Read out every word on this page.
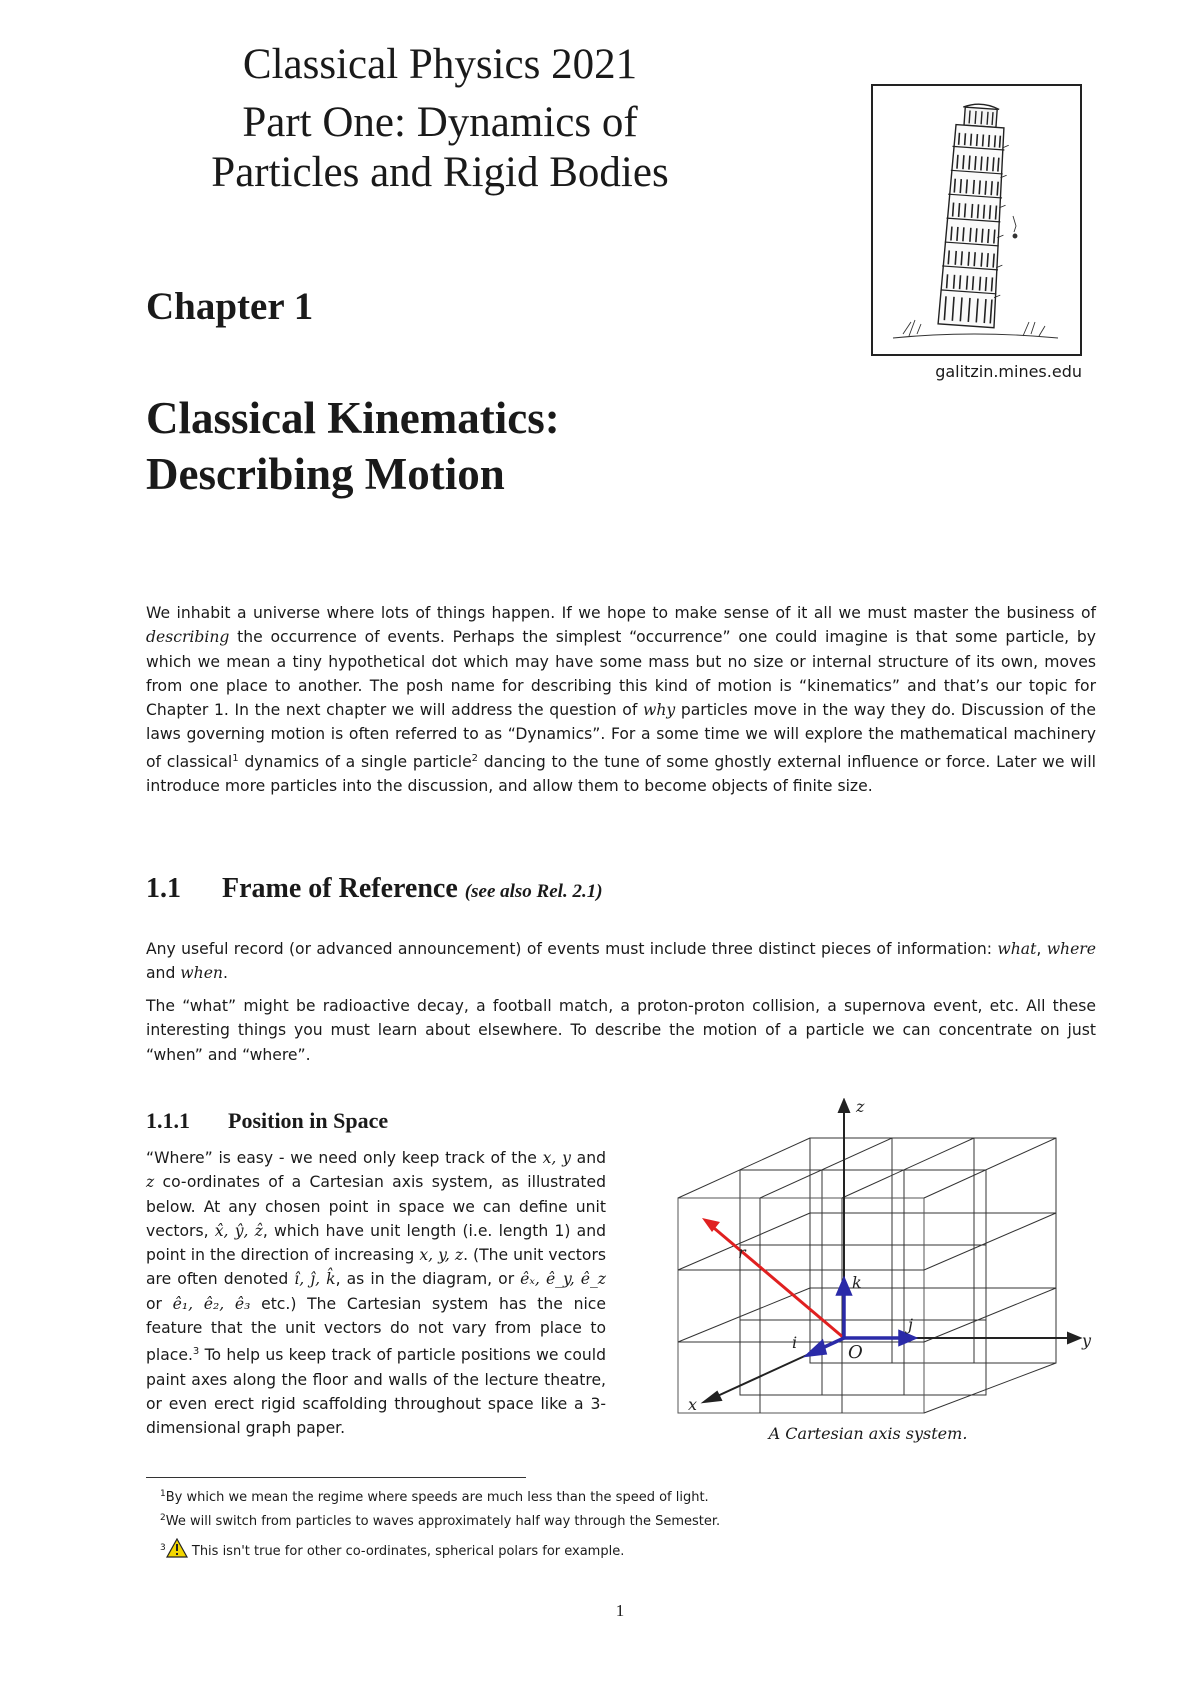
Classical Physics 2021
Part One: Dynamics of
Particles and Rigid Bodies
galitzin.mines.edu
Chapter 1
Classical Kinematics:
Describing Motion
We inhabit a universe where lots of things happen. If we hope to make sense of it all we must master the business of describing the occurrence of events. Perhaps the simplest “occurrence” one could imagine is that some particle, by which we mean a tiny hypothetical dot which may have some mass but no size or internal structure of its own, moves from one place to another. The posh name for describing this kind of motion is “kinematics” and that’s our topic for Chapter 1. In the next chapter we will address the question of why particles move in the way they do. Discussion of the laws governing motion is often referred to as “Dynamics”. For a some time we will explore the mathematical machinery of classical$^1$ dynamics of a single particle$^2$ dancing to the tune of some ghostly external influence or force. Later we will introduce more particles into the discussion, and allow them to become objects of finite size.
1.1 Frame of Reference (see also Rel. 2.1)
Any useful record (or advanced announcement) of events must include three distinct pieces of information: what, where and when.
The “what” might be radioactive decay, a football match, a proton-proton collision, a supernova event, etc. All these interesting things you must learn about elsewhere. To describe the motion of a particle we can concentrate on just “when” and “where”.
1.1.1 Position in Space
“Where” is easy - we need only keep track of the x, y and z co-ordinates of a Cartesian axis system, as illustrated below. At any chosen point in space we can define unit vectors, x̂, ŷ, ẑ, which have unit length (i.e. length 1) and point in the direction of increasing x, y, z. (The unit vectors are often denoted î, ĵ, k̂, as in the diagram, or êₓ, ê_y, ê_z or ê₁, ê₂, ê₃ etc.) The Cartesian system has the nice feature that the unit vectors do not vary from place to place.$^3$ To help us keep track of particle positions we could paint axes along the floor and walls of the lecture theatre, or even erect rigid scaffolding throughout space like a 3-dimensional graph paper.
z
y
x
r
k
j
i	O
A Cartesian axis system.
$^1$By which we mean the regime where speeds are much less than the speed of light.
$^2$We will switch from particles to waves approximately half way through the Semester.
$^3$ This isn't true for other co-ordinates, spherical polars for example.
1
